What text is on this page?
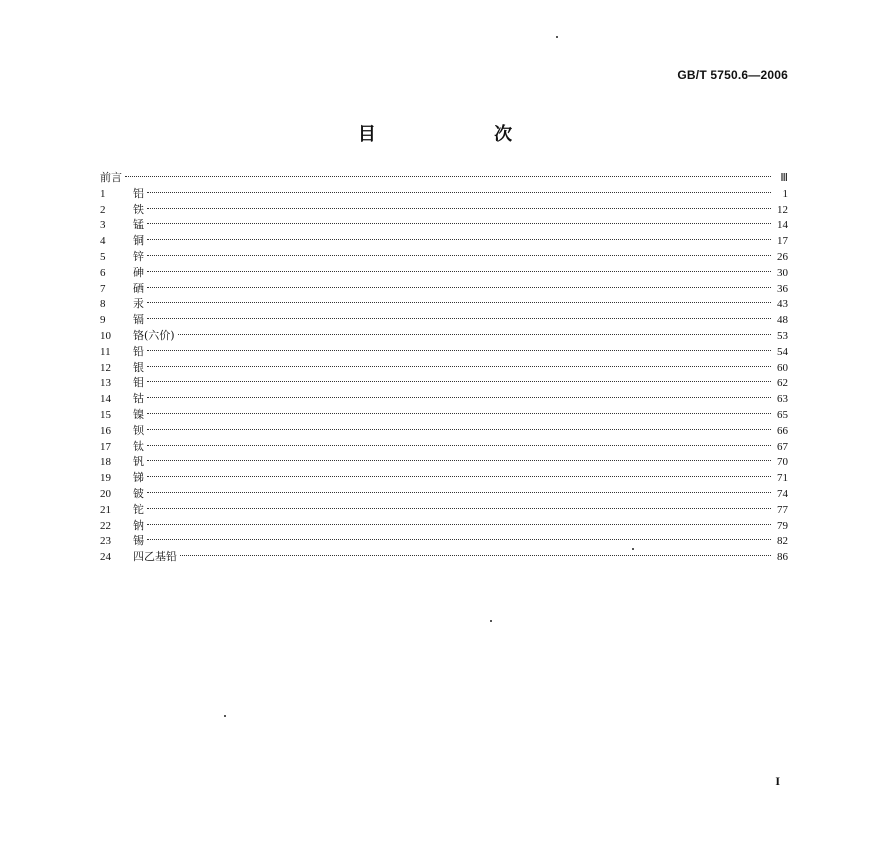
GB/T 5750.6—2006
目 次
前言	Ⅲ
1	铝	1
2	铁	12
3	锰	14
4	铜	17
5	锌	26
6	砷	30
7	硒	36
8	汞	43
9	镉	48
10	铬(六价)	53
11	铅	54
12	银	60
13	钼	62
14	钴	63
15	镍	65
16	钡	66
17	钛	67
18	钒	70
19	锑	71
20	铍	74
21	铊	77
22	钠	79
23	锡	82
24	四乙基铅	86
I
